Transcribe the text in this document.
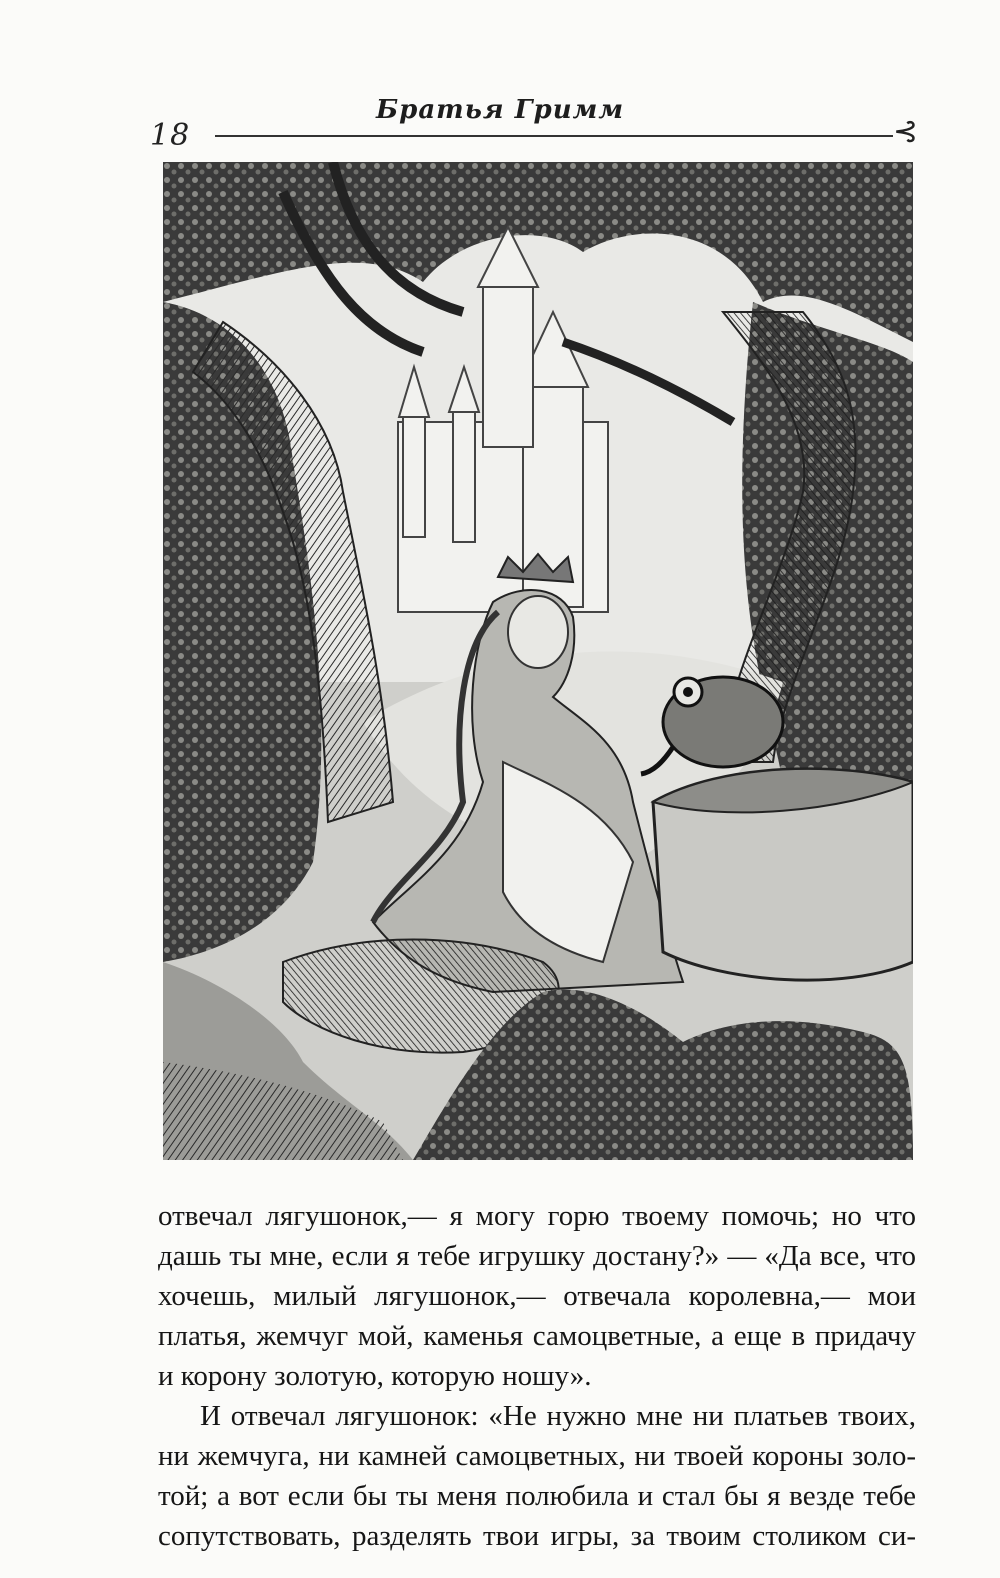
18
Братья Гримм
⊰
отвечал лягушонок,— я могу горю твоему помочь; но что
дашь ты мне, если я тебе игрушку достану?» — «Да все, что
хочешь, милый лягушонок,— отвечала королевна,— мои
платья, жемчуг мой, каменья самоцветные, а еще в придачу
и корону золотую, которую ношу».
И отвечал лягушонок: «Не нужно мне ни платьев твоих,
ни жемчуга, ни камней самоцветных, ни твоей короны золо-
той; а вот если бы ты меня полюбила и стал бы я везде тебе
сопутствовать, разделять твои игры, за твоим столиком си-
